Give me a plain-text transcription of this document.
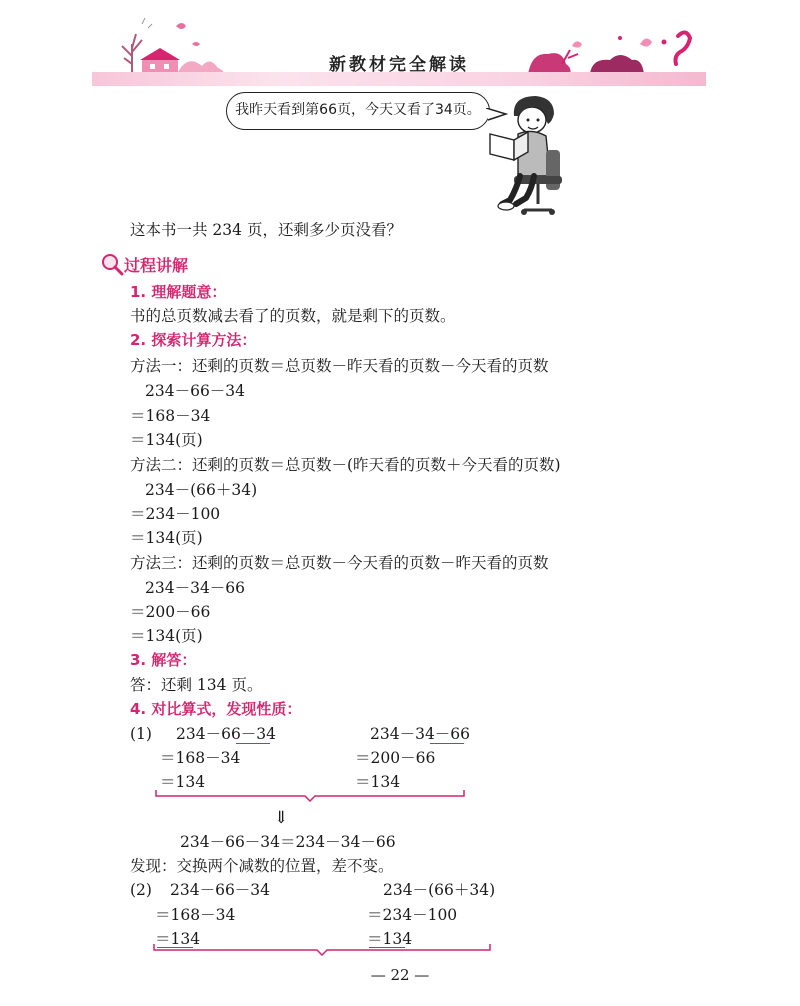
新教材完全解读
我昨天看到第66页，今天又看了34页。
这本书一共 234 页，还剩多少页没看？
过程讲解
1. 理解题意：
书的总页数减去看了的页数，就是剩下的页数。
2. 探索计算方法：
方法一：还剩的页数＝总页数－昨天看的页数－今天看的页数
234－66－34
＝168－34
＝134(页)
方法二：还剩的页数＝总页数－(昨天看的页数＋今天看的页数)
234－(66＋34)
＝234－100
＝134(页)
方法三：还剩的页数＝总页数－今天看的页数－昨天看的页数
234－34－66
＝200－66
＝134(页)
3. 解答：
答：还剩 134 页。
4. 对比算式，发现性质：
(1) 234－66－34
＝168－34
＝134
234－34－66
＝200－66
＝134
⇓
234－66－34＝234－34－66
发现：交换两个减数的位置，差不变。
(2) 234－66－34
＝168－34
＝134
234－(66＋34)
＝234－100
＝134
— 22 —
